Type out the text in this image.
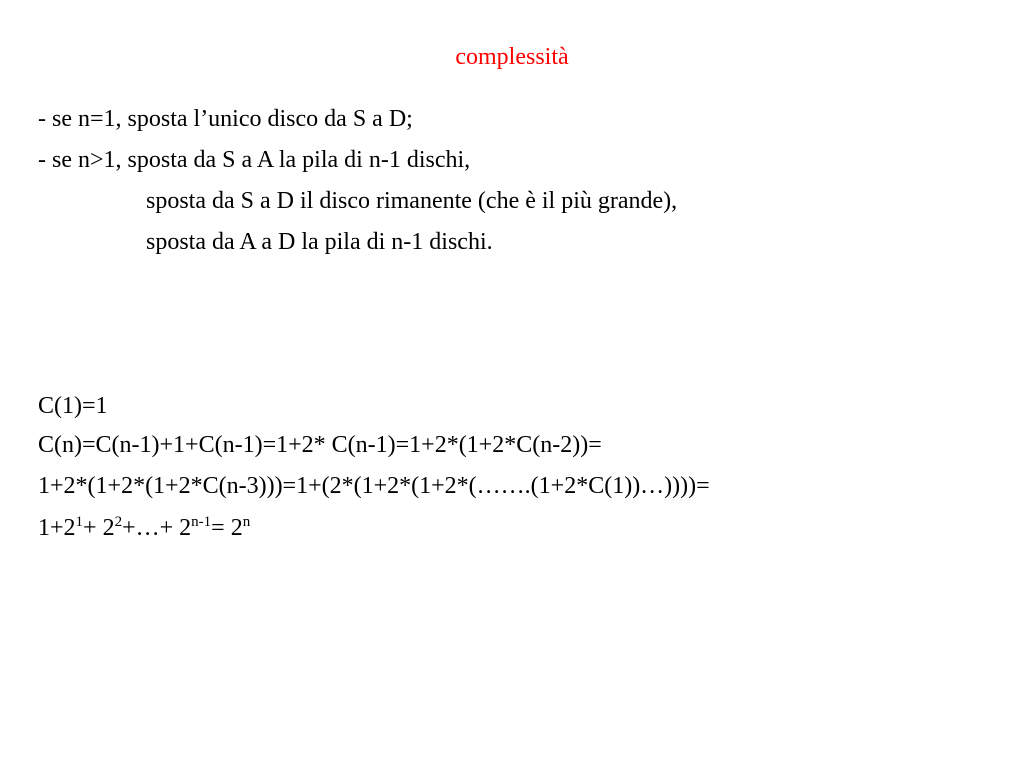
complessità
- se n=1, sposta l’unico disco da S a D;
- se n>1, sposta da S a A la pila di n-1 dischi,
sposta da S a D il disco rimanente (che è il più grande),
sposta da A a D la pila di n-1 dischi.
C(1)=1
C(n)=C(n-1)+1+C(n-1)=1+2* C(n-1)=1+2*(1+2*C(n-2))=
1+2*(1+2*(1+2*C(n-3)))=1+(2*(1+2*(1+2*(…….(1+2*C(1))…))))=
$1+2^1+$ $2^2+\dots+ 2^{n-1}= 2^n$
